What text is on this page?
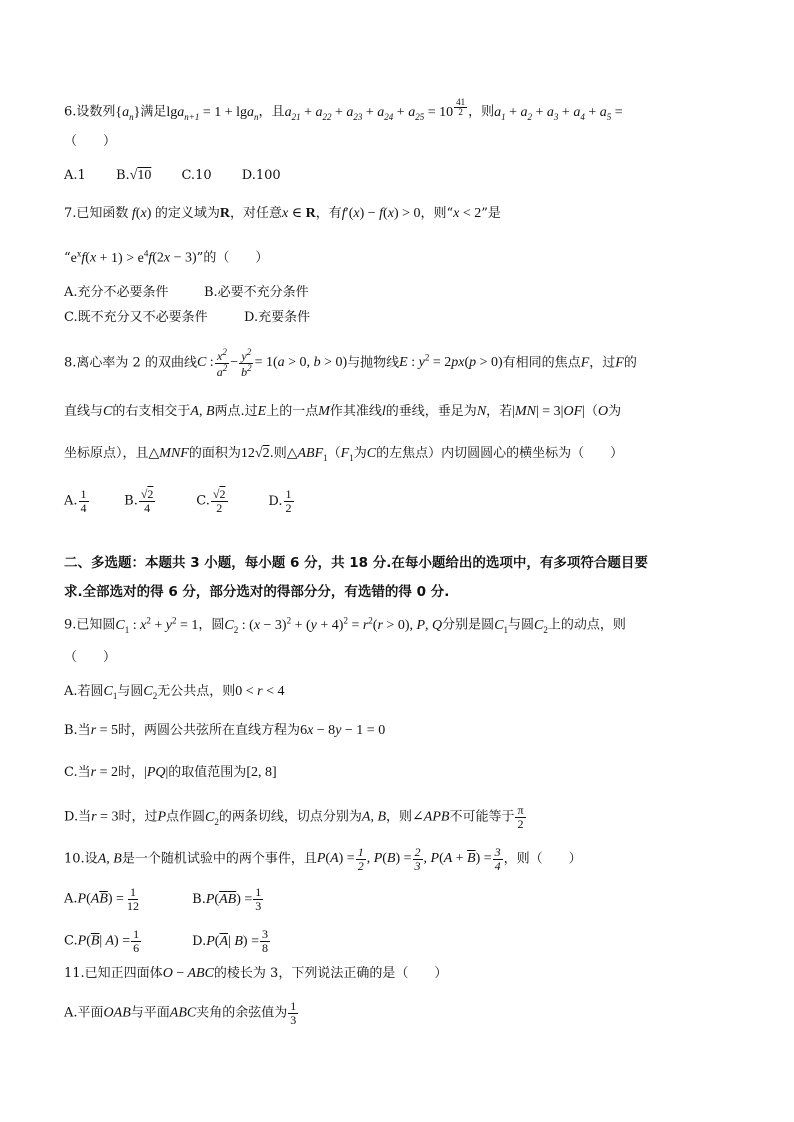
6.设数列$\{a_n\}$满足lga$_{n+1}$ = 1 + lga$_n$，且$a_{21} + a_{22} + a_{23} + a_{24} + a_{25} = 10$ $^{\frac{41}{2}}$ ，则$a_1 + a_2 + a_3 + a_4 + a_5$ =
（　　）
A.1 B.√10 C.10 D.100
7.已知函数 f(x) 的定义域为R，对任意x ∈ R，有f′(x) − f(x) > 0，则“x < 2”是
“$e^xf(x + 1) > e^4f(2x - 3)$”的（　　）
A.充分不必要条件	B.必要不充分条件
C.既不充分又不必要条件	D.充要条件
8.离心率为 2 的双曲线C : $\frac{x^2}{a^2} - \frac{y^2}{b^2} = 1(a > 0$, b > 0)与抛物线E : $y^2 = 2px(p > 0)$有相同的焦点F，过F的
直线与C的右支相交于A, B两点.过E上的一点M作其准线l的垂线，垂足为N，若|MN| = 3|OF|（O为
坐标原点），且△MNF的面积为12√2.则$\triangle ABF_1(F_1$为C的左焦点）内切圆圆心的横坐标为（　　）
A. $\frac{1}{4}$	B. $\frac{√2}{4}$	C. $\frac{√2}{2}$	D. $\frac{1}{2}$
二、多选题：本题共 3 小题，每小题 6 分，共 18 分.在每小题给出的选项中，有多项符合题目要
求.全部选对的得 6 分，部分选对的得部分分，有选错的得 0 分.
9.已知圆$C_1$ : $x^2 + y^2 = 1$，圆$C_2$ : $(x - 3)^2 + (y + 4)^2 = r^2(r > 0)$, P, Q分别是圆$C_1$与圆$C_2$上的动点，则
（　　）
A.若圆$C_1$与圆$C_2$无公共点，则0 < r < 4
B.当r = 5时，两圆公共弦所在直线方程为6x − 8y − 1 = 0
C.当r = 2时，|PQ|的取值范围为[2, 8]
D.当r = 3时，过P点作圆$C_2$的两条切线，切点分别为A, B，则∠APB不可能等于 $\frac{\pi}{2}$
10.设A, B是一个随机试验中的两个事件，且$P(A) = \frac{1}{2}$ , $P(B) = \frac{2}{3}$ , $P(A + \overline{B}) = \frac{3}{4}$ ，则（　　）
$A.P(A\overline{B}) = \frac{1}{12}$	$B.P(\overline{A}\overline{B}) = \frac{1}{3}$
$C.P(\overline{B}|$ $A) = \frac{1}{6}$	$D.P(\overline{A}|$ $B) = \frac{3}{8}$
11.已知正四面体O − ABC的棱长为 3，下列说法正确的是（　　）
A.平面OAB与平面ABC夹角的余弦值为 $\frac{1}{3}$
